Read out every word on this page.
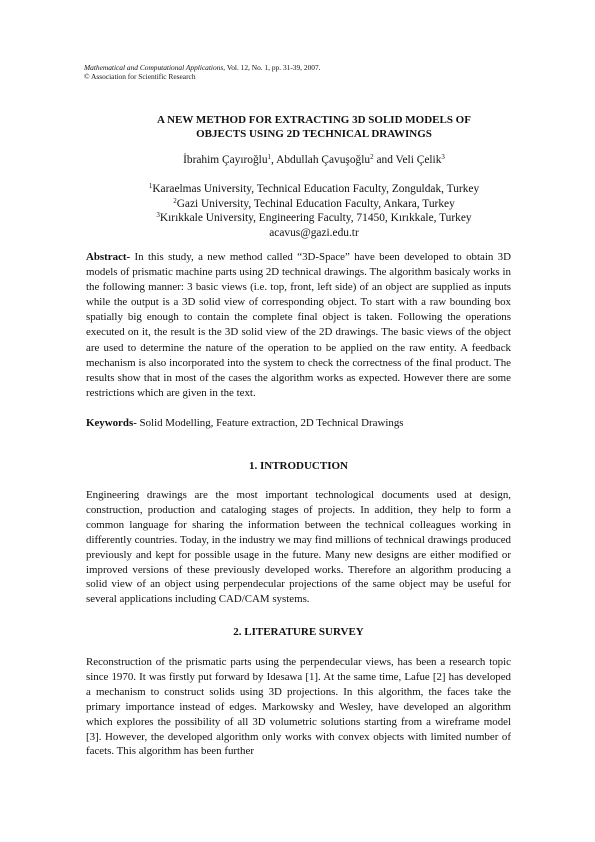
Mathematical and Computational Applications, Vol. 12, No. 1, pp. 31-39, 2007.
© Association for Scientific Research
A NEW METHOD FOR EXTRACTING 3D SOLID MODELS OF
OBJECTS USING 2D TECHNICAL DRAWINGS
İbrahim Çayıroğlu$^1$, Abdullah Çavuşoğlu$^2$ and Veli Çelik$^3$
$^1$Karaelmas University, Technical Education Faculty, Zonguldak, Turkey
$^2$Gazi University, Techinal Education Faculty, Ankara, Turkey
$^3$Kırıkkale University, Engineering Faculty, 71450, Kırıkkale, Turkey
acavus@gazi.edu.tr
Abstract- In this study, a new method called “3D-Space” have been developed to obtain 3D models of prismatic machine parts using 2D technical drawings. The algorithm basicaly works in the following manner: 3 basic views (i.e. top, front, left side) of an object are supplied as inputs while the output is a 3D solid view of corresponding object. To start with a raw bounding box spatially big enough to contain the complete final object is taken. Following the operations executed on it, the result is the 3D solid view of the 2D drawings. The basic views of the object are used to determine the nature of the operation to be applied on the raw entity. A feedback mechanism is also incorporated into the system to check the correctness of the final product. The results show that in most of the cases the algorithm works as expected. However there are some restrictions which are given in the text.
Keywords- Solid Modelling, Feature extraction, 2D Technical Drawings
1. INTRODUCTION
Engineering drawings are the most important technological documents used at design, construction, production and cataloging stages of projects. In addition, they help to form a common language for sharing the information between the technical colleagues working in differently countries. Today, in the industry we may find millions of technical drawings produced previously and kept for possible usage in the future. Many new designs are either modified or improved versions of these previously developed works. Therefore an algorithm producing a solid view of an object using perpendecular projections of the same object may be useful for several applications including CAD/CAM systems.
2. LITERATURE SURVEY
Reconstruction of the prismatic parts using the perpendecular views, has been a research topic since 1970. It was firstly put forward by Idesawa [1]. At the same time, Lafue [2] has developed a mechanism to construct solids using 3D projections. In this algorithm, the faces take the primary importance instead of edges. Markowsky and Wesley, have developed an algorithm which explores the possibility of all 3D volumetric solutions starting from a wireframe model [3]. However, the developed algorithm only works with convex objects with limited number of facets. This algorithm has been further
